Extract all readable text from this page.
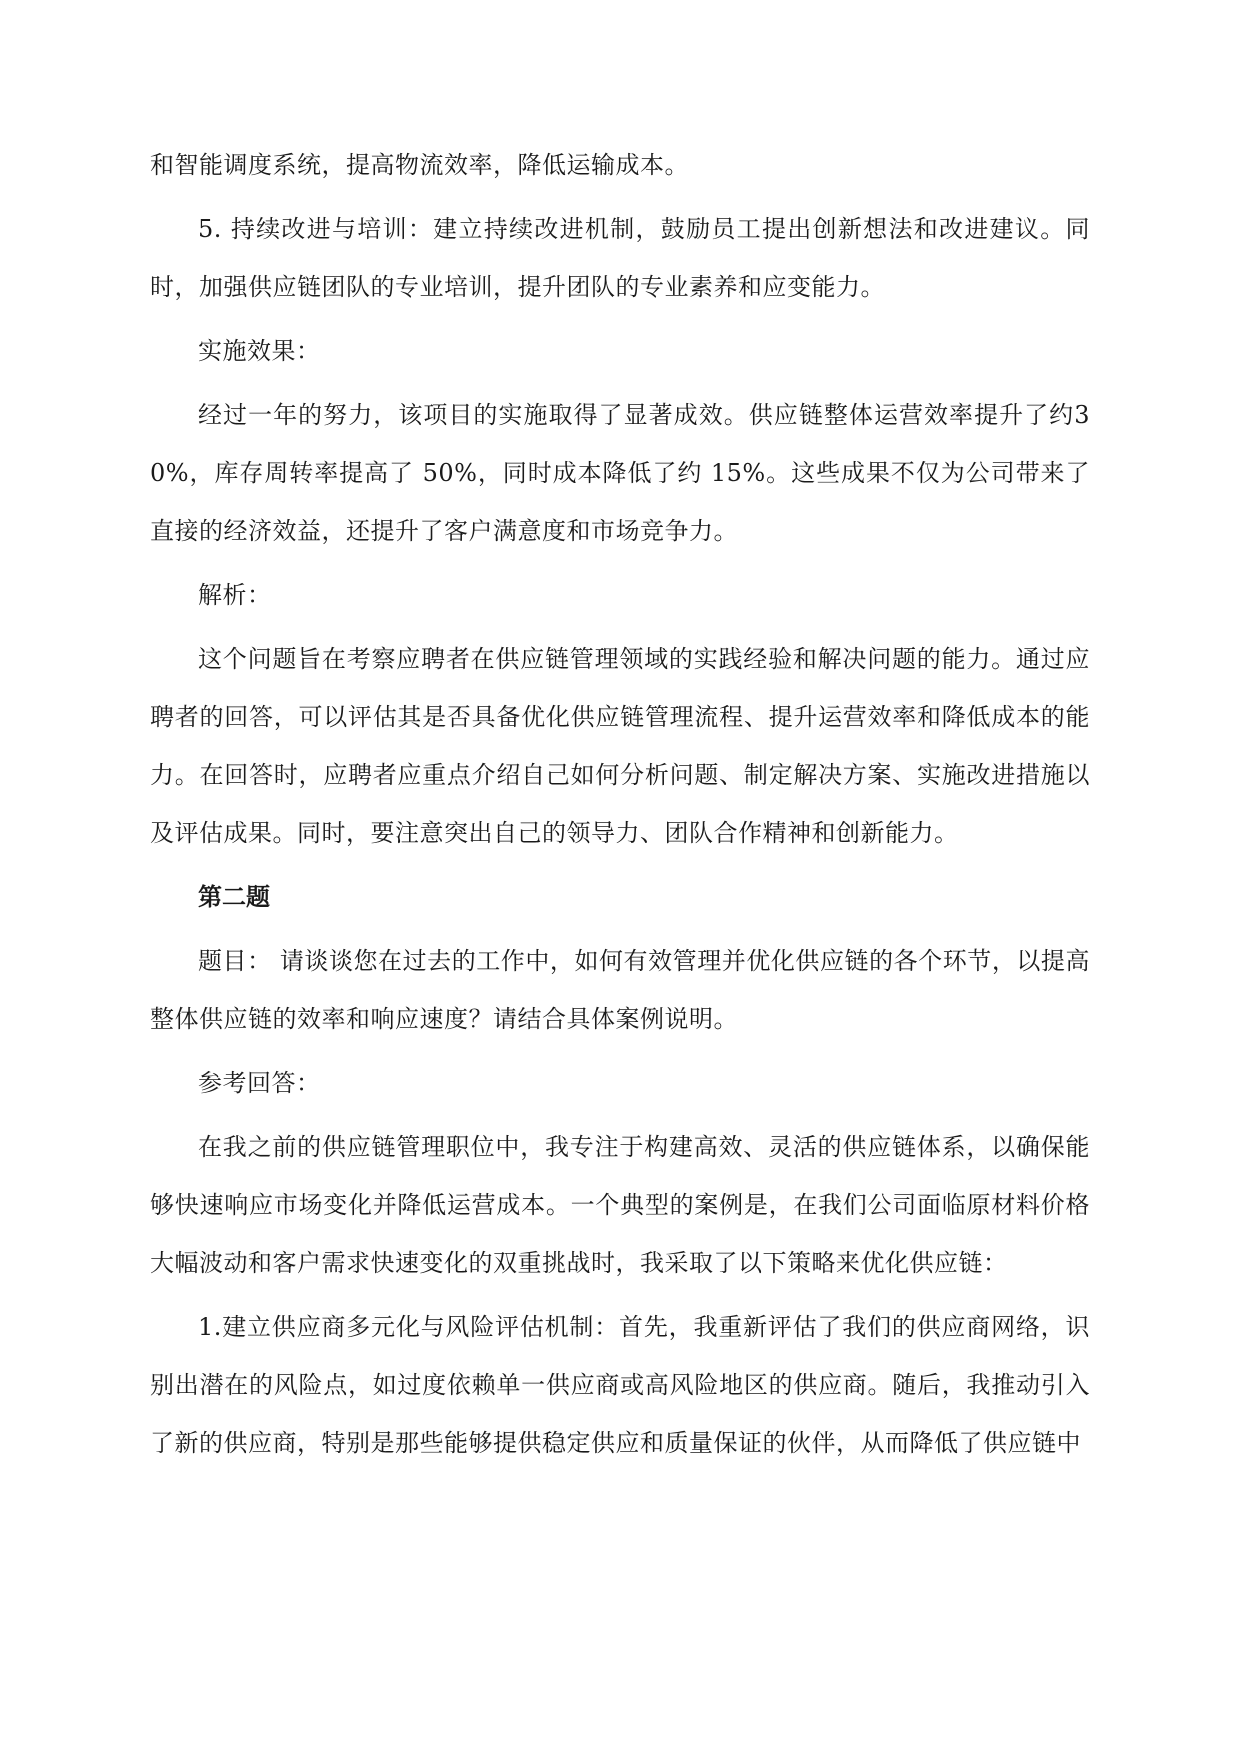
和智能调度系统，提高物流效率，降低运输成本。

5. 持续改进与培训：建立持续改进机制，鼓励员工提出创新想法和改进建议。同时，加强供应链团队的专业培训，提升团队的专业素养和应变能力。

实施效果：

经过一年的努力，该项目的实施取得了显著成效。供应链整体运营效率提升了约30%，库存周转率提高了 50%，同时成本降低了约 15%。这些成果不仅为公司带来了直接的经济效益，还提升了客户满意度和市场竞争力。

解析：

这个问题旨在考察应聘者在供应链管理领域的实践经验和解决问题的能力。通过应聘者的回答，可以评估其是否具备优化供应链管理流程、提升运营效率和降低成本的能力。在回答时，应聘者应重点介绍自己如何分析问题、制定解决方案、实施改进措施以及评估成果。同时，要注意突出自己的领导力、团队合作精神和创新能力。

第二题

题目： 请谈谈您在过去的工作中，如何有效管理并优化供应链的各个环节，以提高整体供应链的效率和响应速度？请结合具体案例说明。

参考回答：

在我之前的供应链管理职位中，我专注于构建高效、灵活的供应链体系，以确保能够快速响应市场变化并降低运营成本。一个典型的案例是，在我们公司面临原材料价格大幅波动和客户需求快速变化的双重挑战时，我采取了以下策略来优化供应链：

1.建立供应商多元化与风险评估机制：首先，我重新评估了我们的供应商网络，识别出潜在的风险点，如过度依赖单一供应商或高风险地区的供应商。随后，我推动引入了新的供应商，特别是那些能够提供稳定供应和质量保证的伙伴，从而降低了供应链中
